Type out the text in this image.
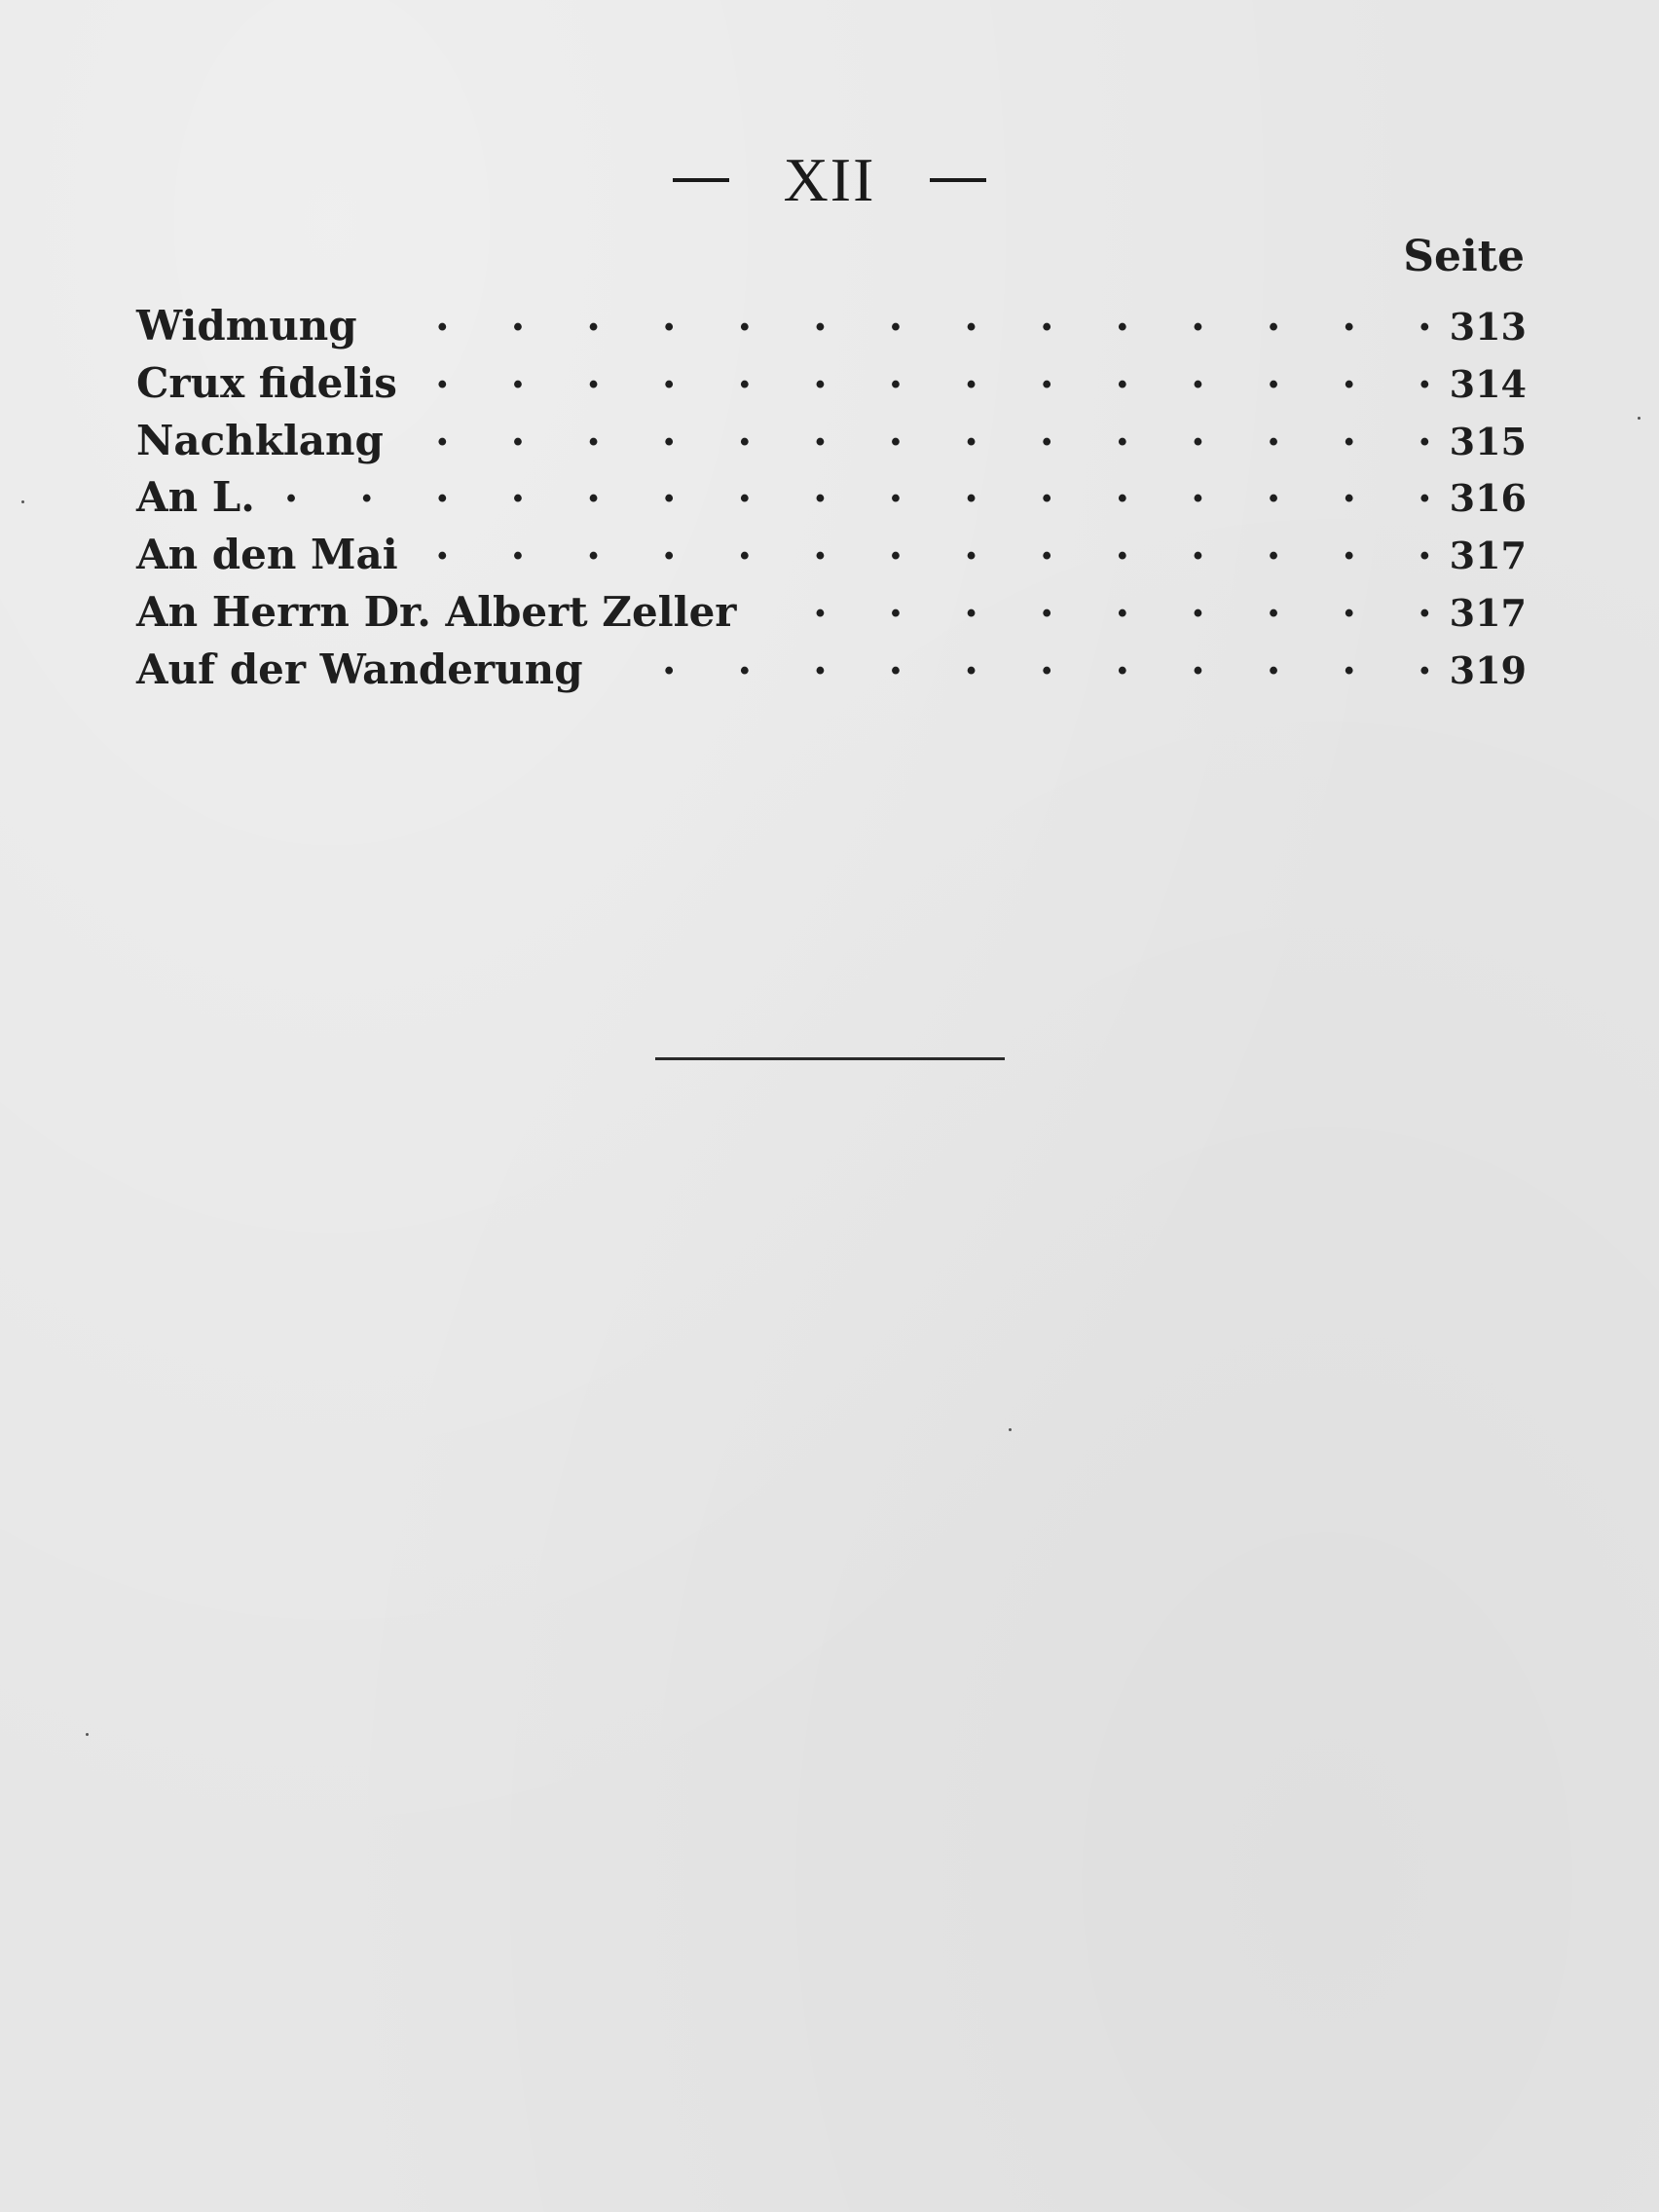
XII
Seite
Widmung .  . 	313
Crux fidelis .  . 	314
Nachklang .  . 	315
An L. .  . 	316
An den Mai .  . 	317
An Herrn Dr. Albert Zeller .  . 	317
Auf der Wanderung .  . 	319
